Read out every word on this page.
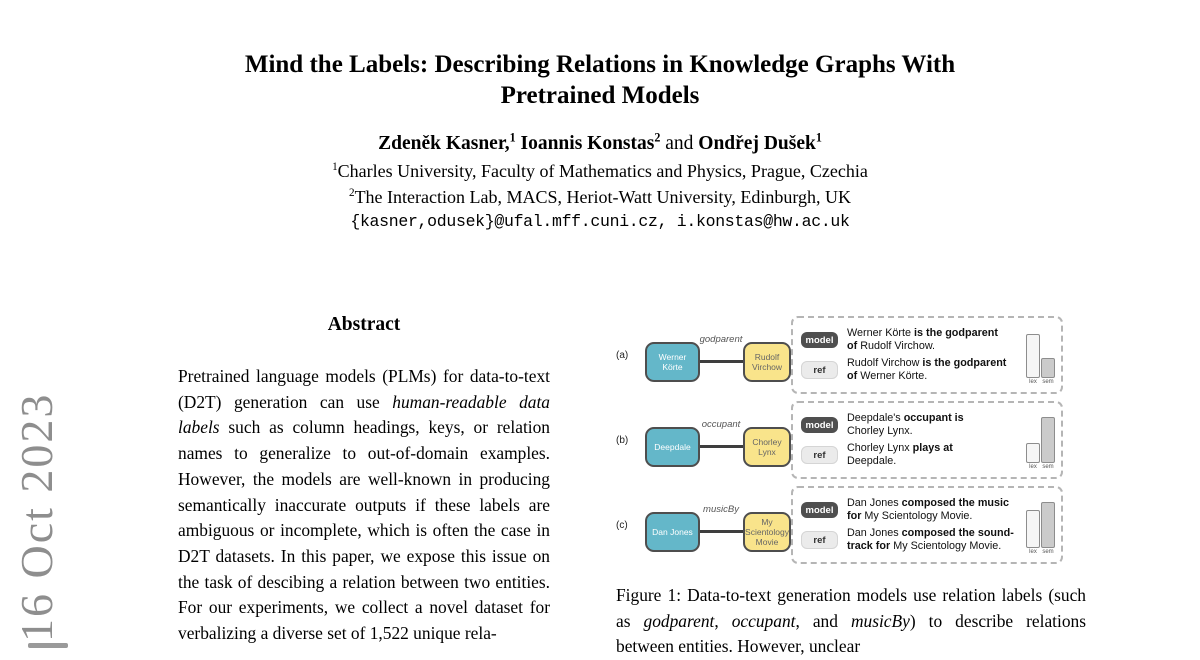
16 Oct 2023
Mind the Labels: Describing Relations in Knowledge Graphs With
Pretrained Models
Zdeněk Kasner,$^1$ Ioannis Konstas$^2$ and Ondřej Dušek$^1$
$^1$Charles University, Faculty of Mathematics and Physics, Prague, Czechia
$^2$The Interaction Lab, MACS, Heriot-Watt University, Edinburgh, UK
{kasner,odusek}@ufal.mff.cuni.cz, i.konstas@hw.ac.uk
Abstract
Pretrained language models (PLMs) for data-to-text (D2T) generation can use human-readable data labels such as column headings, keys, or relation names to generalize to out-of-domain examples. However, the models are well-known in producing semantically inaccurate outputs if these labels are ambiguous or incomplete, which is often the case in D2T datasets. In this paper, we expose this issue on the task of descibing a relation between two entities. For our experiments, we collect a novel dataset for verbalizing a diverse set of 1,522 unique rela-
(a)
godparent
Werner Körte
Rudolf Virchow
model
Werner Körte is the godparent
of Rudolf Virchow.
ref
Rudolf Virchow is the godparent
of Werner Körte.	lex sem
(b)
occupant
Deepdale	Chorley Lynx
model
Deepdale's occupant is
Chorley Lynx.
ref
Chorley Lynx plays at
Deepdale.	lex sem
(c)
musicBy
Dan Jones
My Scientology Movie
model
Dan Jones composed the music
for My Scientology Movie.
ref
Dan Jones composed the sound-
track for My Scientology Movie.	lex sem
Figure 1: Data-to-text generation models use relation labels (such as godparent, occupant, and musicBy) to describe relations between entities. However, unclear
